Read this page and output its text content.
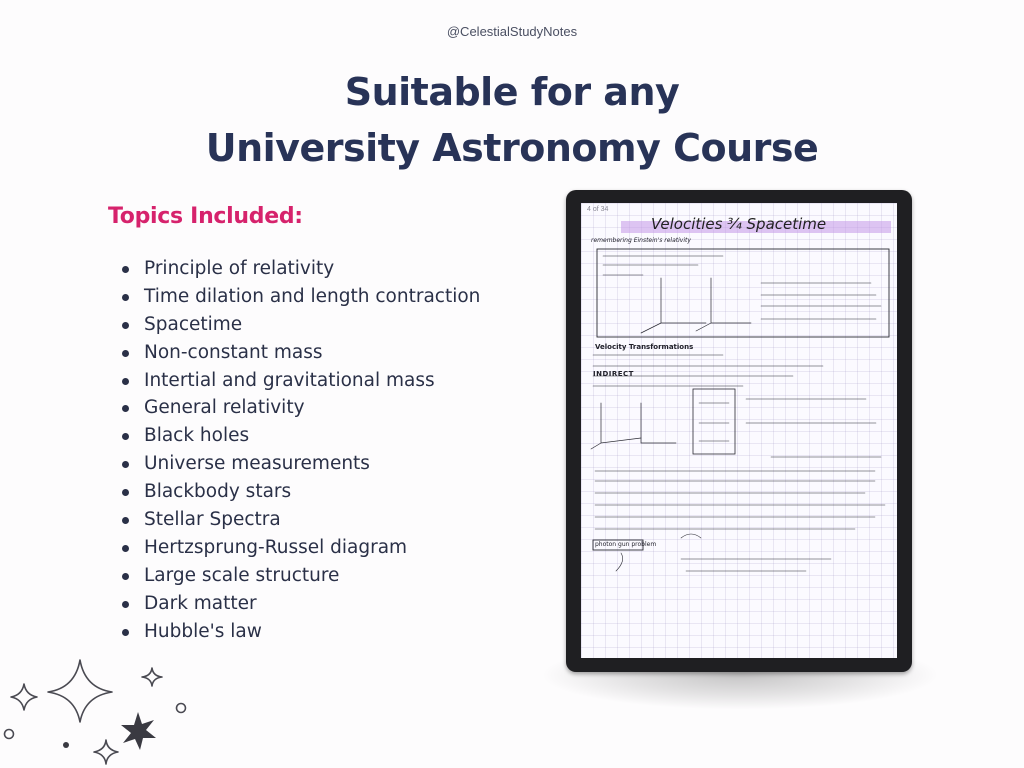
@CelestialStudyNotes
Suitable for any
University Astronomy Course
Topics Included:
Principle of relativity
Time dilation and length contraction
Spacetime
Non-constant mass
Intertial and gravitational mass
General relativity
Black holes
Universe measurements
Blackbody stars
Stellar Spectra
Hertzsprung-Russel diagram
Large scale structure
Dark matter
Hubble's law
4 of 34
Velocities ¾ Spacetime
remembering Einstein's relativity
Velocity Transformations
INDIRECT
photon gun problem
